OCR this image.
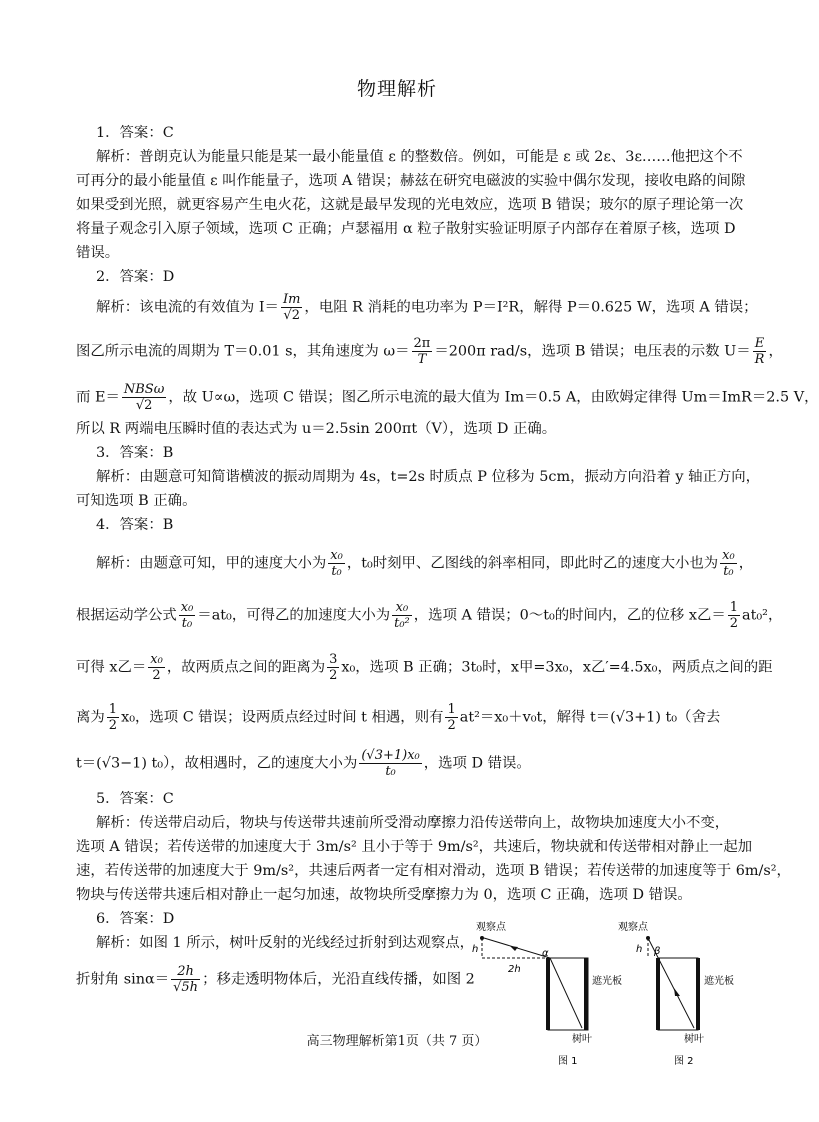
物理解析
1．答案：C
解析：普朗克认为能量只能是某一最小能量值 ε 的整数倍。例如，可能是 ε 或 2ε、3ε……他把这个不
可再分的最小能量值 ε 叫作能量子，选项 A 错误；赫兹在研究电磁波的实验中偶尔发现，接收电路的间隙
如果受到光照，就更容易产生电火花，这就是最早发现的光电效应，选项 B 错误；玻尔的原子理论第一次
将量子观念引入原子领域，选项 C 正确；卢瑟福用 α 粒子散射实验证明原子内部存在着原子核，选项 D
错误。
2．答案：D
解析：该电流的有效值为 $I= \frac{Im}{√2}$ ，电阻 R 消耗的电功率为 P＝I²R，解得 P＝0.625 W，选项 A 错误；
图乙所示电流的周期为 T＝0.01 s，其角速度为 $\omega= \frac{2\pi}{T} =200\pi$ rad/s，选项 B 错误；电压表的示数 $U= \frac{E}{R}$ ，
而 $E= \frac{\text{NBSω}}{√2}$ ，故 U∝ω，选项 C 错误；图乙所示电流的最大值为 Im＝0.5 A，由欧姆定律得 Um＝ImR＝2.5 V，
所以 R 两端电压瞬时值的表达式为 u＝2.5sin 200πt（V），选项 D 正确。
3．答案：B
解析：由题意可知简谐横波的振动周期为 4s，t=2s 时质点 P 位移为 5cm，振动方向沿着 y 轴正方向，
可知选项 B 正确。
4．答案：B
解析：由题意可知，甲的速度大小为 $\frac{\text{x₀}}{\text{t₀}}$ ，t₀时刻甲、乙图线的斜率相同，即此时乙的速度大小也为 $\frac{\text{x₀}}{\text{t₀}}$ ，
根据运动学公式 $\frac{\text{x₀}}{\text{t₀}} =at_0$，可得乙的加速度大小为 $\frac{\text{x₀}}{\text{t₀²}}$ ，选项 A 错误；0～t₀的时间内，乙的位移 x乙＝ $\frac{1}{2} at_0^2$，
可得 x乙＝ $\frac{\text{x₀}}{2}$ ，故两质点之间的距离为 $\frac{3}{2} x_0$，选项 B 正确；3t₀时，x甲=3x₀，x乙′=4.5x₀，两质点之间的距
离为 $\frac{1}{2} x_0$，选项 C 错误；设两质点经过时间 t 相遇，则有 $\frac{1}{2} at^2=x_0+v_0t$，解得 t＝(√3+1) t₀（舍去
t＝(√3−1) t₀），故相遇时，乙的速度大小为 $\frac{\text{(√3+1)x₀}}{\text{t₀}}$ ，选项 D 错误。
5．答案：C
解析：传送带启动后，物块与传送带共速前所受滑动摩擦力沿传送带向上，故物块加速度大小不变，
选项 A 错误；若传送带的加速度大于 3m/s² 且小于等于 9m/s²，共速后，物块就和传送带相对静止一起加
速，若传送带的加速度大于 9m/s²，共速后两者一定有相对滑动，选项 B 错误；若传送带的加速度等于 6m/s²，
物块与传送带共速后相对静止一起匀加速，故物块所受摩擦力为 0，选项 C 正确，选项 D 错误。
6．答案：D
解析：如图 1 所示，树叶反射的光线经过折射到达观察点，
折射角 $\sin\alpha= \frac{2h}{√5h}$ ；移走透明物体后，光沿直线传播，如图 2
观察点
h
2h
α
遮光板
树叶
图 1
观察点
h β
遮光板
树叶
图 2
高三物理解析第1页（共 7 页）
